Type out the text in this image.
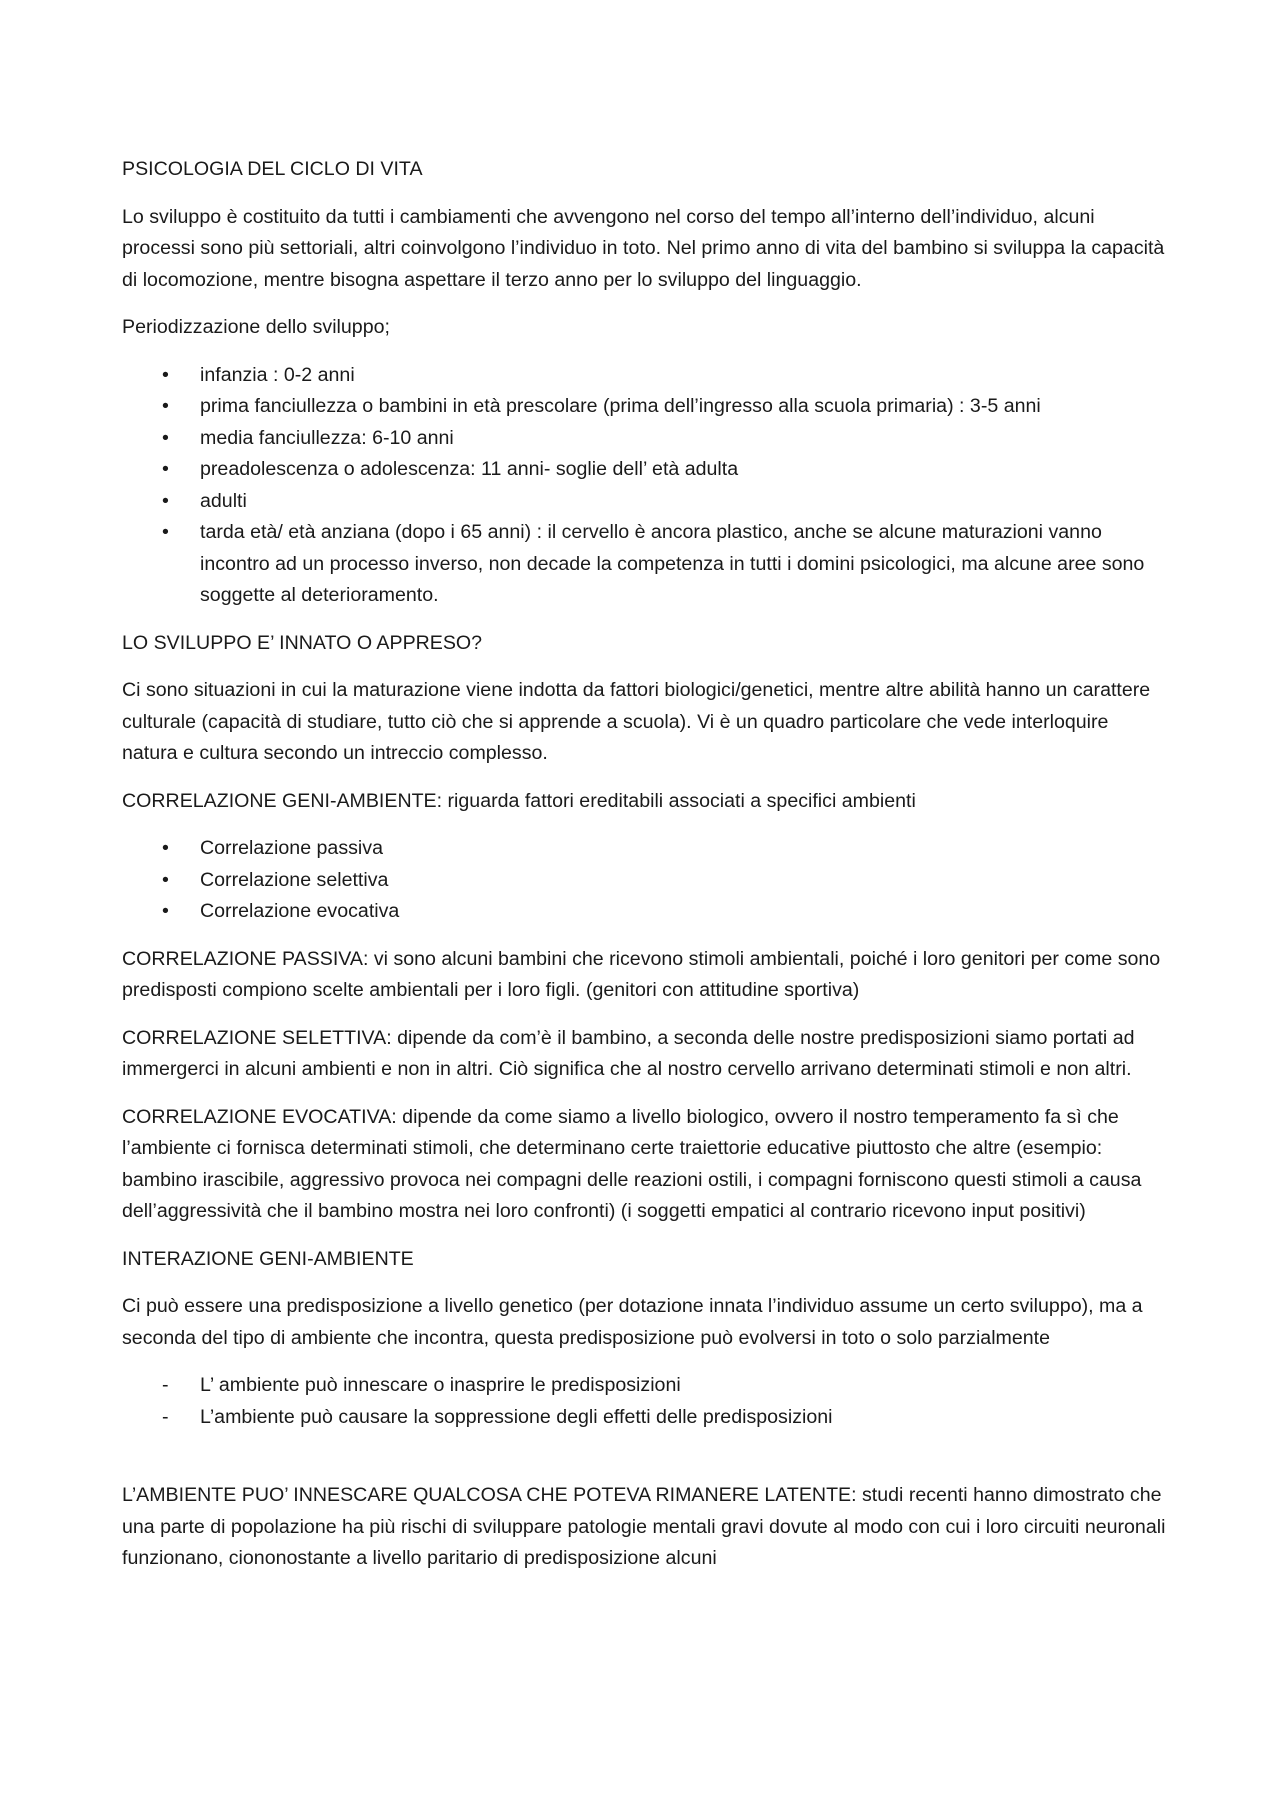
PSICOLOGIA DEL CICLO DI VITA

Lo sviluppo è costituito da tutti i cambiamenti che avvengono nel corso del tempo all’interno dell’individuo, alcuni processi sono più settoriali, altri coinvolgono l’individuo in toto. Nel primo anno di vita del bambino si sviluppa la capacità di locomozione, mentre bisogna aspettare il terzo anno per lo sviluppo del linguaggio.

Periodizzazione dello sviluppo;

•	infanzia : 0-2 anni
•	prima fanciullezza o bambini in età prescolare (prima dell’ingresso alla scuola primaria) : 3-5 anni
•	media fanciullezza: 6-10 anni
•	preadolescenza o adolescenza: 11 anni- soglie dell’ età adulta
•	adulti
•	tarda età/ età anziana (dopo i 65 anni) : il cervello è ancora plastico, anche se alcune maturazioni vanno incontro ad un processo inverso, non decade la competenza in tutti i domini psicologici, ma alcune aree sono soggette al deterioramento.

LO SVILUPPO E’ INNATO O APPRESO?

Ci sono situazioni in cui la maturazione viene indotta da fattori biologici/genetici, mentre altre abilità hanno un carattere culturale (capacità di studiare, tutto ciò che si apprende a scuola). Vi è un quadro particolare che vede interloquire natura e cultura secondo un intreccio complesso.

CORRELAZIONE GENI-AMBIENTE: riguarda fattori ereditabili associati a specifici ambienti

•	Correlazione passiva
•	Correlazione selettiva
•	Correlazione evocativa

CORRELAZIONE PASSIVA: vi sono alcuni bambini che ricevono stimoli ambientali, poiché i loro genitori per come sono predisposti compiono scelte ambientali per i loro figli. (genitori con attitudine sportiva)

CORRELAZIONE SELETTIVA: dipende da com’è il bambino, a seconda delle nostre predisposizioni siamo portati ad immergerci in alcuni ambienti e non in altri. Ciò significa che al nostro cervello arrivano determinati stimoli e non altri.

CORRELAZIONE EVOCATIVA: dipende da come siamo a livello biologico, ovvero il nostro temperamento fa sì che l’ambiente ci fornisca determinati stimoli, che determinano certe traiettorie educative piuttosto che altre (esempio: bambino irascibile, aggressivo provoca nei compagni delle reazioni ostili, i compagni forniscono questi stimoli a causa dell’aggressività che il bambino mostra nei loro confronti) (i soggetti empatici al contrario ricevono input positivi)

INTERAZIONE GENI-AMBIENTE

Ci può essere una predisposizione a livello genetico (per dotazione innata l’individuo assume un certo sviluppo), ma a seconda del tipo di ambiente che incontra, questa predisposizione può evolversi in toto o solo parzialmente

-	L’ ambiente può innescare o inasprire le predisposizioni
-	L’ambiente può causare la soppressione degli effetti delle predisposizioni

L’AMBIENTE PUO’ INNESCARE QUALCOSA CHE POTEVA RIMANERE LATENTE: studi recenti hanno dimostrato che una parte di popolazione ha più rischi di sviluppare patologie mentali gravi dovute al modo con cui i loro circuiti neuronali funzionano, ciononostante a livello paritario di predisposizione alcuni
